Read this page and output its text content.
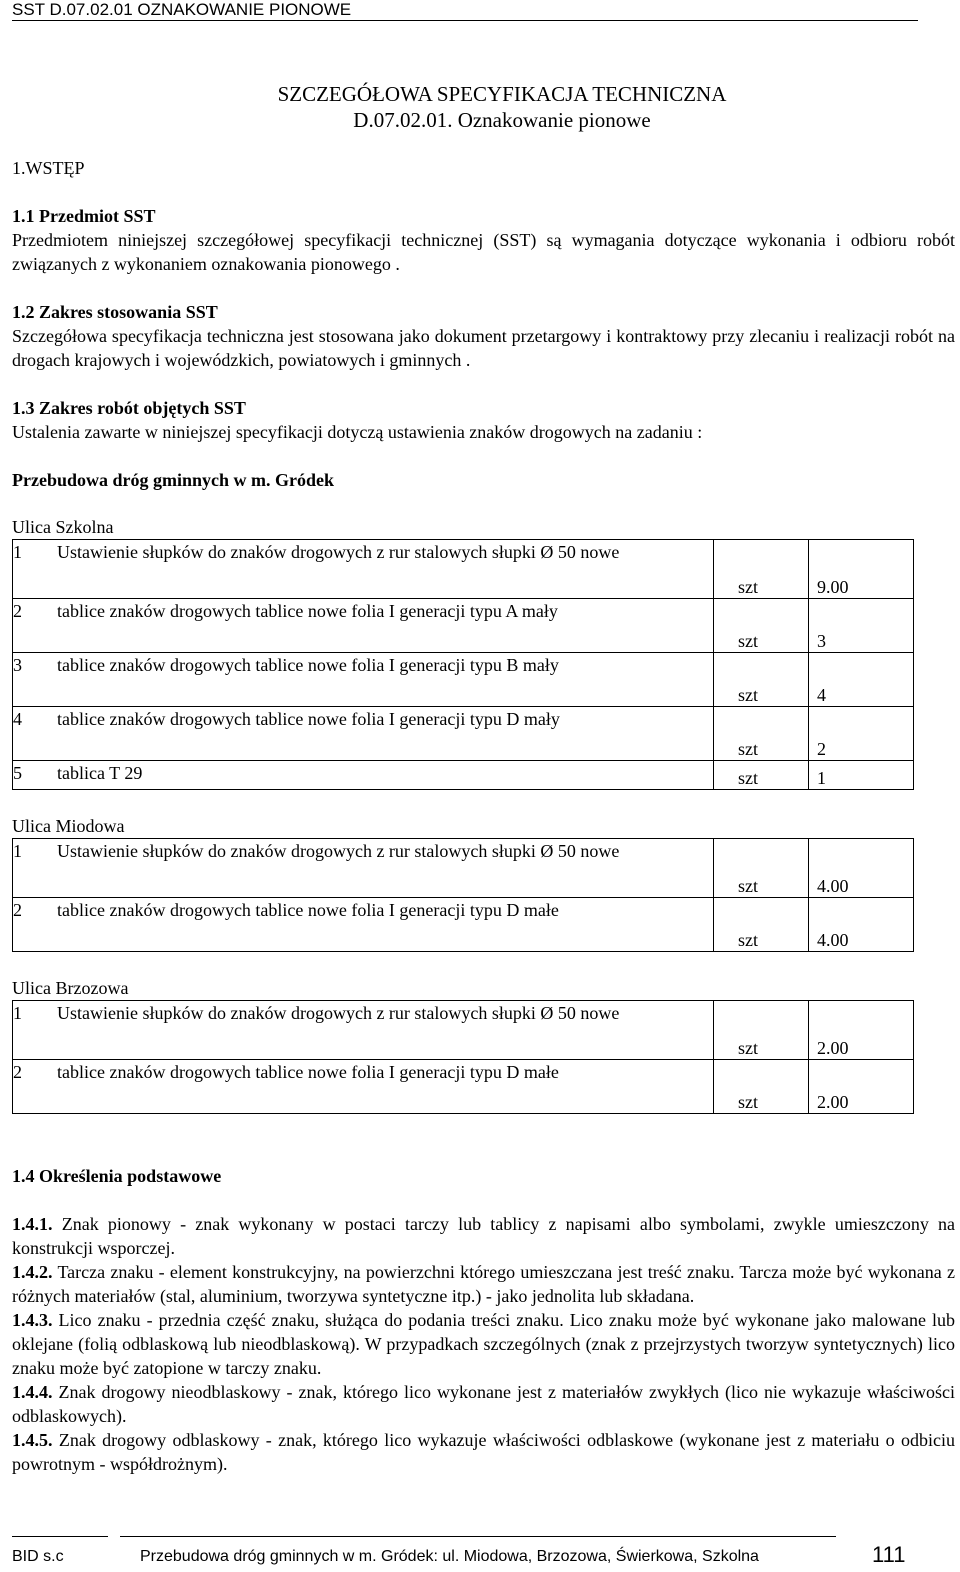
SST D.07.02.01 OZNAKOWANIE PIONOWE
SZCZEGÓŁOWA SPECYFIKACJA TECHNICZNA
D.07.02.01. Oznakowanie pionowe
1.WSTĘP
1.1 Przedmiot SST
Przedmiotem niniejszej szczegółowej specyfikacji technicznej (SST) są wymagania dotyczące wykonania i odbioru robót związanych z wykonaniem oznakowania pionowego .
1.2 Zakres stosowania SST
Szczegółowa specyfikacja techniczna jest stosowana jako dokument przetargowy i kontraktowy przy zlecaniu i realizacji robót na drogach krajowych i wojewódzkich, powiatowych i gminnych .
1.3 Zakres robót objętych SST
Ustalenia zawarte w niniejszej specyfikacji dotyczą ustawienia znaków drogowych na zadaniu :
Przebudowa dróg gminnych w m. Gródek
Ulica Szkolna
1 Ustawienie słupków do znaków drogowych z rur stalowych słupki Ø 50 nowe	szt	9.00

2 tablice znaków drogowych tablice nowe folia I generacji typu A mały	szt	3

3 tablice znaków drogowych tablice nowe folia I generacji typu B mały	szt	4

4 tablice znaków drogowych tablice nowe folia I generacji typu D mały	szt	2

5 tablica T 29	szt	1
Ulica Miodowa
1 Ustawienie słupków do znaków drogowych z rur stalowych słupki Ø 50 nowe	szt	4.00

2 tablice znaków drogowych tablice nowe folia I generacji typu D małe	szt	4.00
Ulica Brzozowa
1 Ustawienie słupków do znaków drogowych z rur stalowych słupki Ø 50 nowe	szt	2.00

2 tablice znaków drogowych tablice nowe folia I generacji typu D małe	szt	2.00
1.4 Określenia podstawowe
1.4.1. Znak pionowy - znak wykonany w postaci tarczy lub tablicy z napisami albo symbolami, zwykle umieszczony na konstrukcji wsporczej.
1.4.2. Tarcza znaku - element konstrukcyjny, na powierzchni którego umieszczana jest treść znaku. Tarcza może być wykonana z różnych materiałów (stal, aluminium, tworzywa syntetyczne itp.) - jako jednolita lub składana.
1.4.3. Lico znaku - przednia część znaku, służąca do podania treści znaku. Lico znaku może być wykonane jako malowane lub oklejane (folią odblaskową lub nieodblaskową). W przypadkach szczególnych (znak z przejrzystych tworzyw syntetycznych) lico znaku może być zatopione w tarczy znaku.
1.4.4. Znak drogowy nieodblaskowy - znak, którego lico wykonane jest z materiałów zwykłych (lico nie wykazuje właściwości odblaskowych).
1.4.5. Znak drogowy odblaskowy - znak, którego lico wykazuje właściwości odblaskowe (wykonane jest z materiału o odbiciu powrotnym - współdrożnym).
BID s.c	Przebudowa dróg gminnych w m. Gródek: ul. Miodowa, Brzozowa, Świerkowa, Szkolna	111
